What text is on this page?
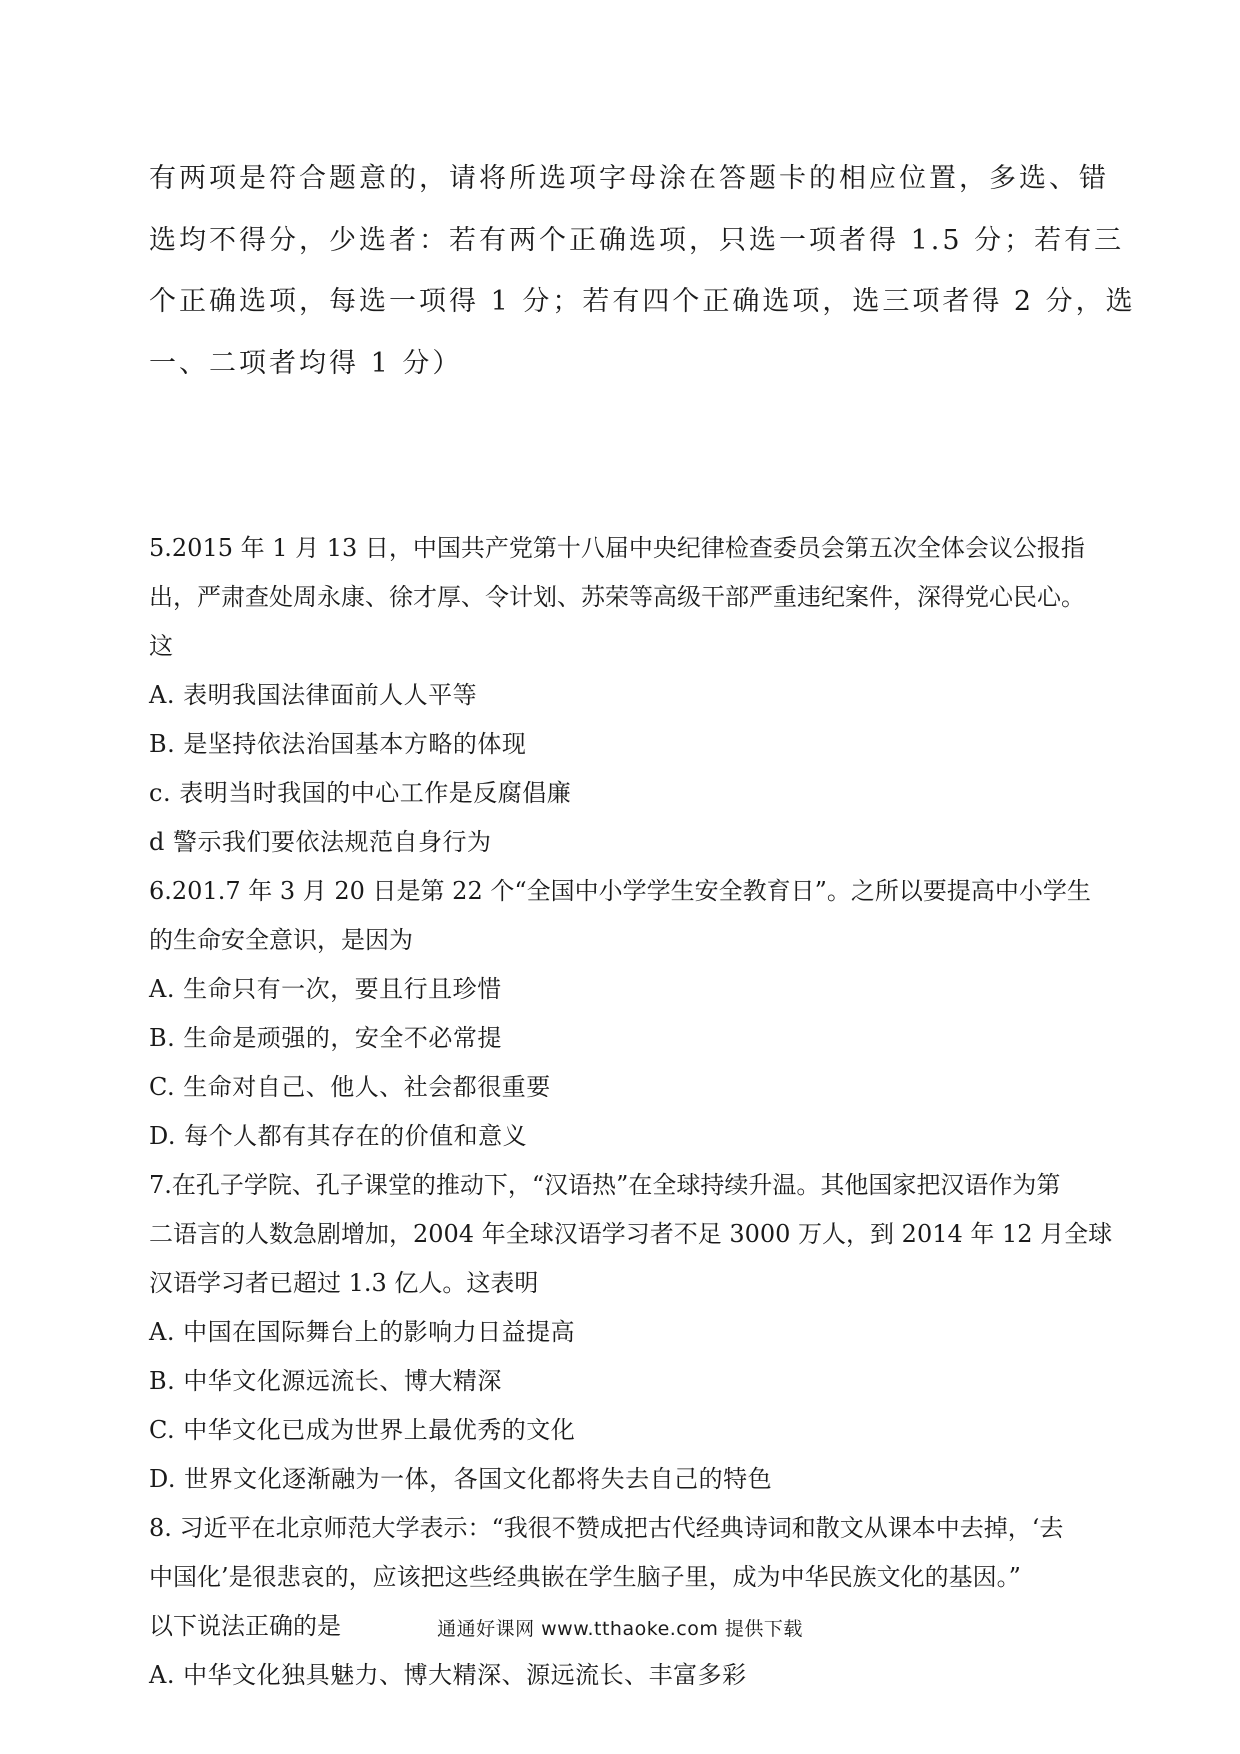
有两项是符合题意的，请将所选项字母涂在答题卡的相应位置，多选、错

选均不得分，少选者：若有两个正确选项，只选一项者得 1.5 分；若有三

个正确选项，每选一项得 1 分；若有四个正确选项，选三项者得 2 分，选

一、二项者均得 1 分）

5.2015 年 1 月 13 日，中国共产党第十八届中央纪律检查委员会第五次全体会议公报指

出，严肃查处周永康、徐才厚、令计划、苏荣等高级干部严重违纪案件，深得党心民心。

这

A. 表明我国法律面前人人平等

B. 是坚持依法治国基本方略的体现

c. 表明当时我国的中心工作是反腐倡廉

d 警示我们要依法规范自身行为

6.201.7 年 3 月 20 日是第 22 个“全国中小学学生安全教育日”。之所以要提高中小学生

的生命安全意识，是因为

A. 生命只有一次，要且行且珍惜

B. 生命是顽强的，安全不必常提

C. 生命对自己、他人、社会都很重要

D. 每个人都有其存在的价值和意义

7.在孔子学院、孔子课堂的推动下，“汉语热”在全球持续升温。其他国家把汉语作为第

二语言的人数急剧增加，2004 年全球汉语学习者不足 3000 万人，到 2014 年 12 月全球

汉语学习者已超过 1.3 亿人。这表明

A. 中国在国际舞台上的影响力日益提高

B. 中华文化源远流长、博大精深

C. 中华文化已成为世界上最优秀的文化

D. 世界文化逐渐融为一体，各国文化都将失去自己的特色

8. 习近平在北京师范大学表示：“我很不赞成把古代经典诗词和散文从课本中去掉，‘去

中国化’是很悲哀的，应该把这些经典嵌在学生脑子里，成为中华民族文化的基因。”

以下说法正确的是

A. 中华文化独具魅力、博大精深、源远流长、丰富多彩

通通好课网 www.tthaoke.com 提供下载
